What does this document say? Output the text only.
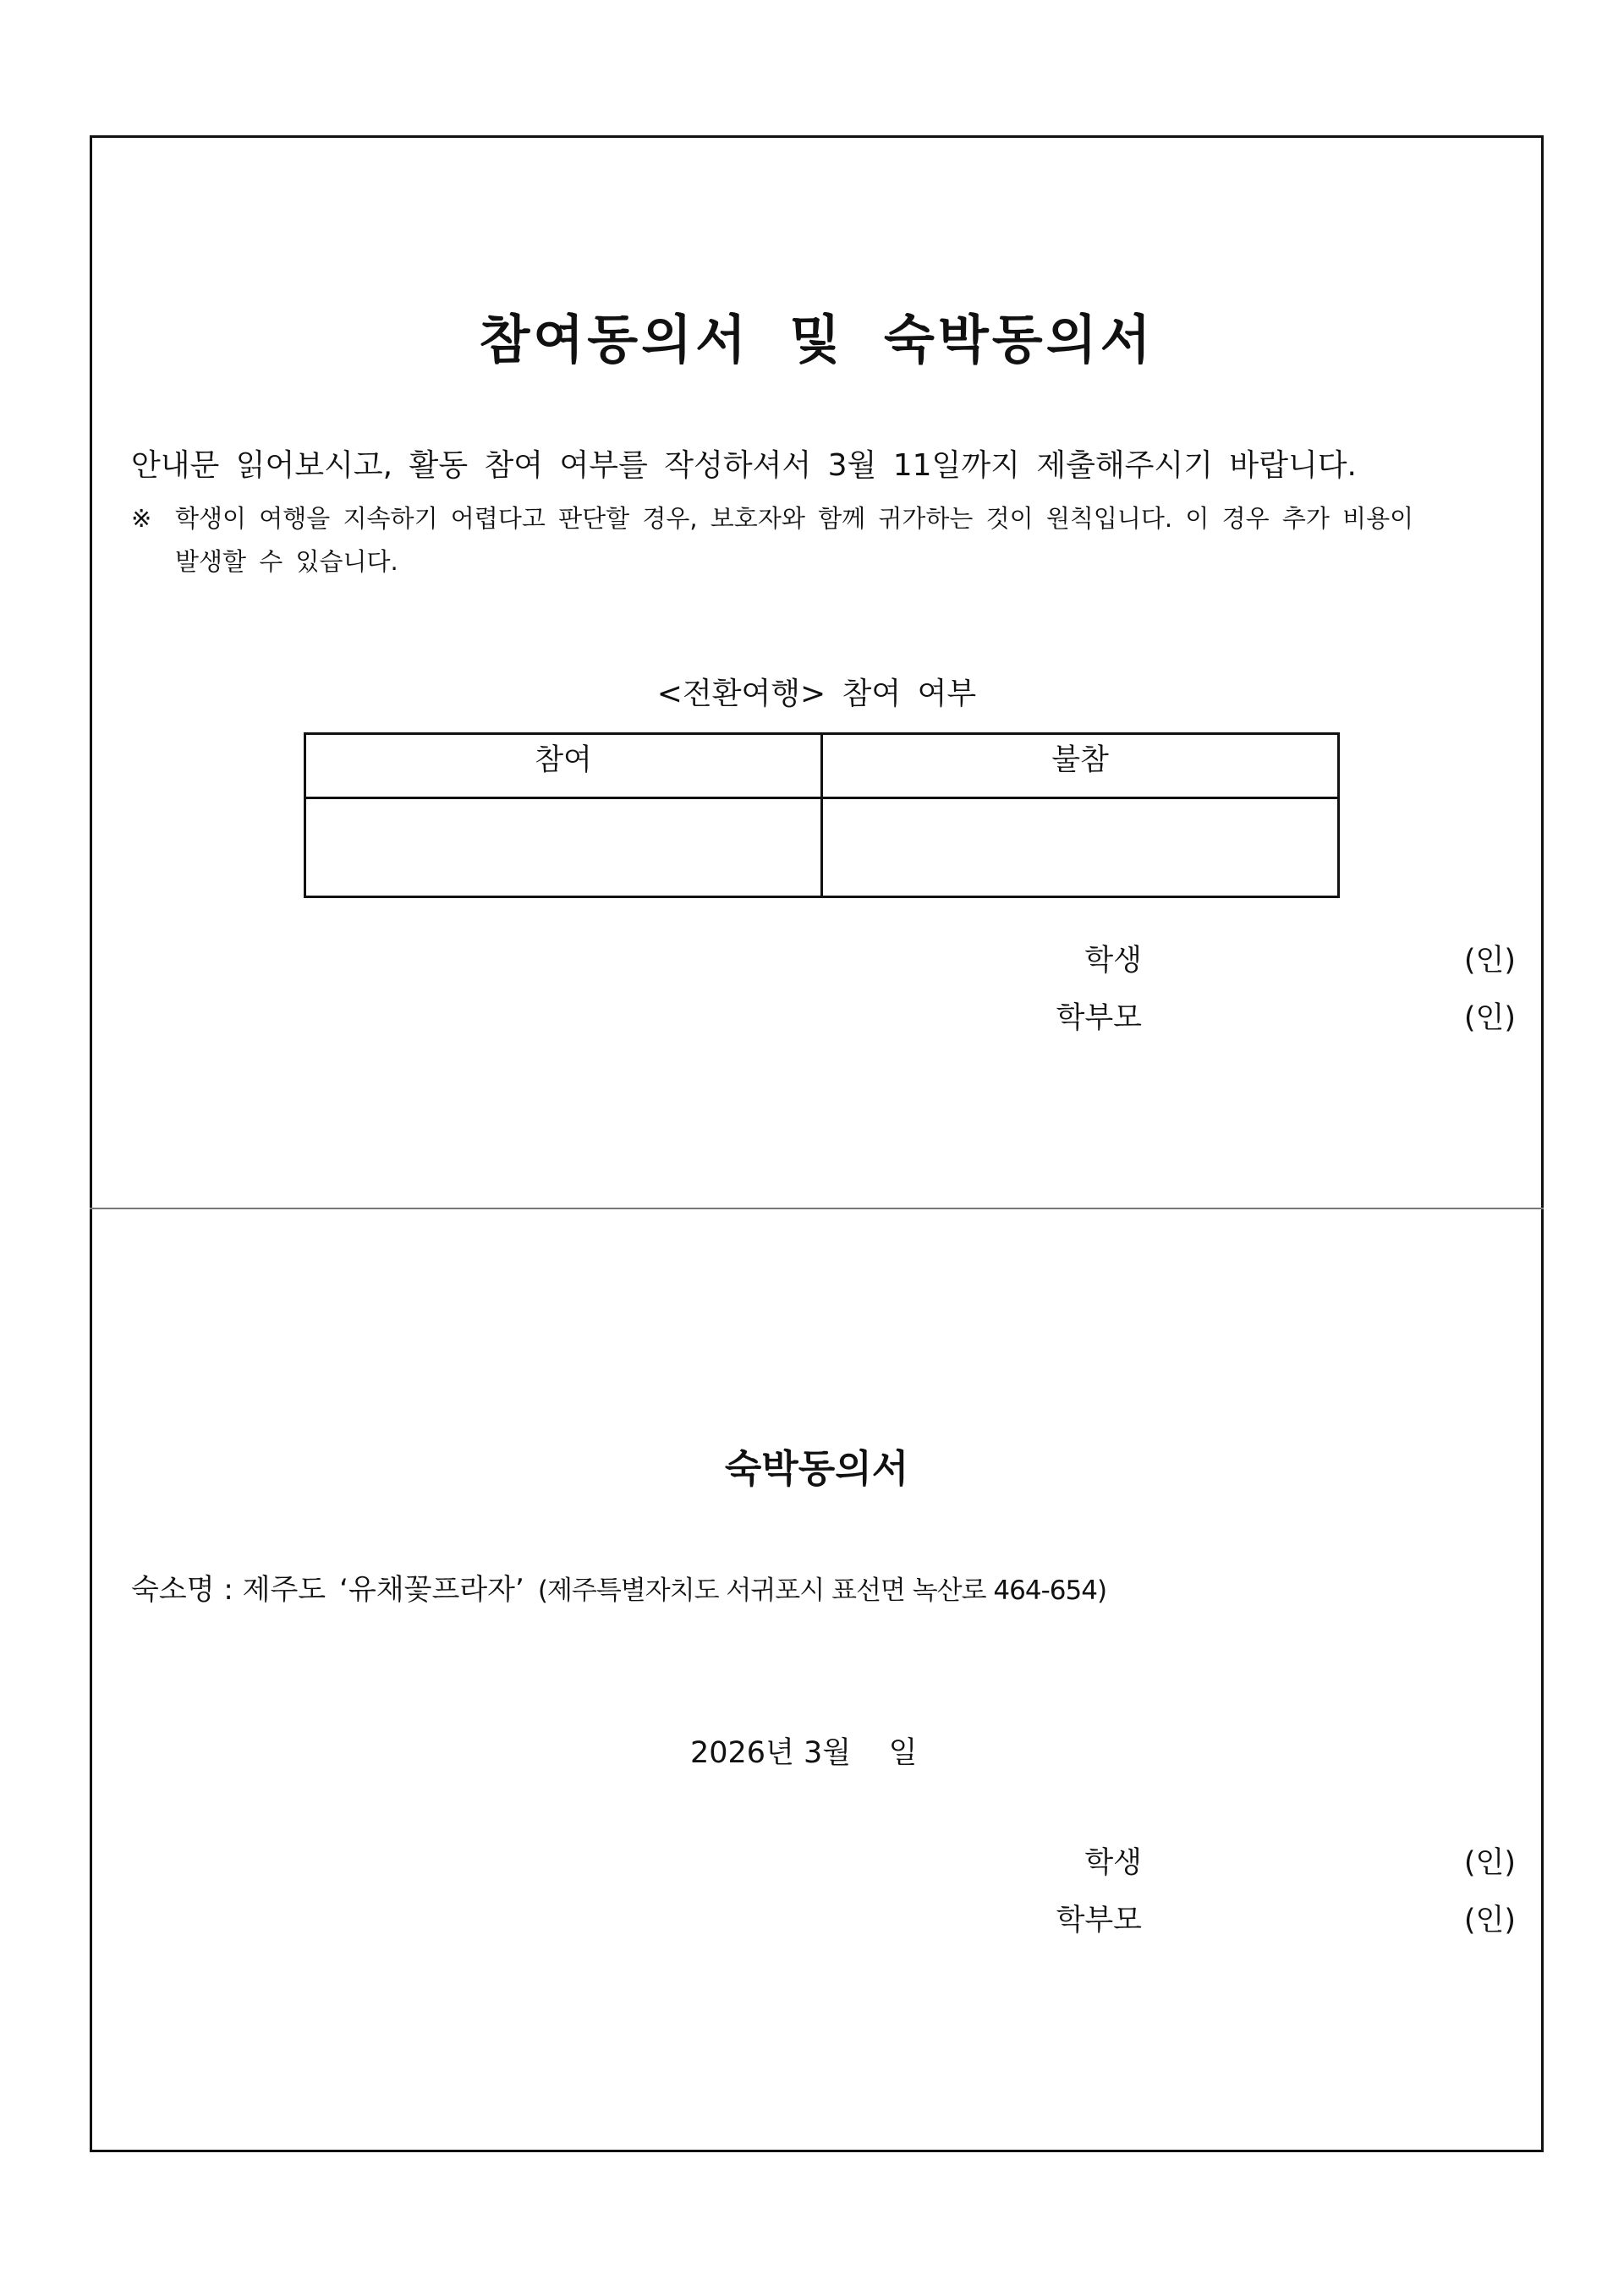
참여동의서 및 숙박동의서
안내문 읽어보시고, 활동 참여 여부를 작성하셔서 3월 11일까지 제출해주시기 바랍니다.
※ 학생이 여행을 지속하기 어렵다고 판단할 경우, 보호자와 함께 귀가하는 것이 원칙입니다. 이 경우 추가 비용이
발생할 수 있습니다.
<전환여행> 참여 여부
참여	불참

학생	(인)
학부모	(인)
숙박동의서
숙소명 : 제주도 ‘유채꽃프라자’ (제주특별자치도 서귀포시 표선면 녹산로 464-654)
2026년 3월    일
학생	(인)
학부모	(인)
